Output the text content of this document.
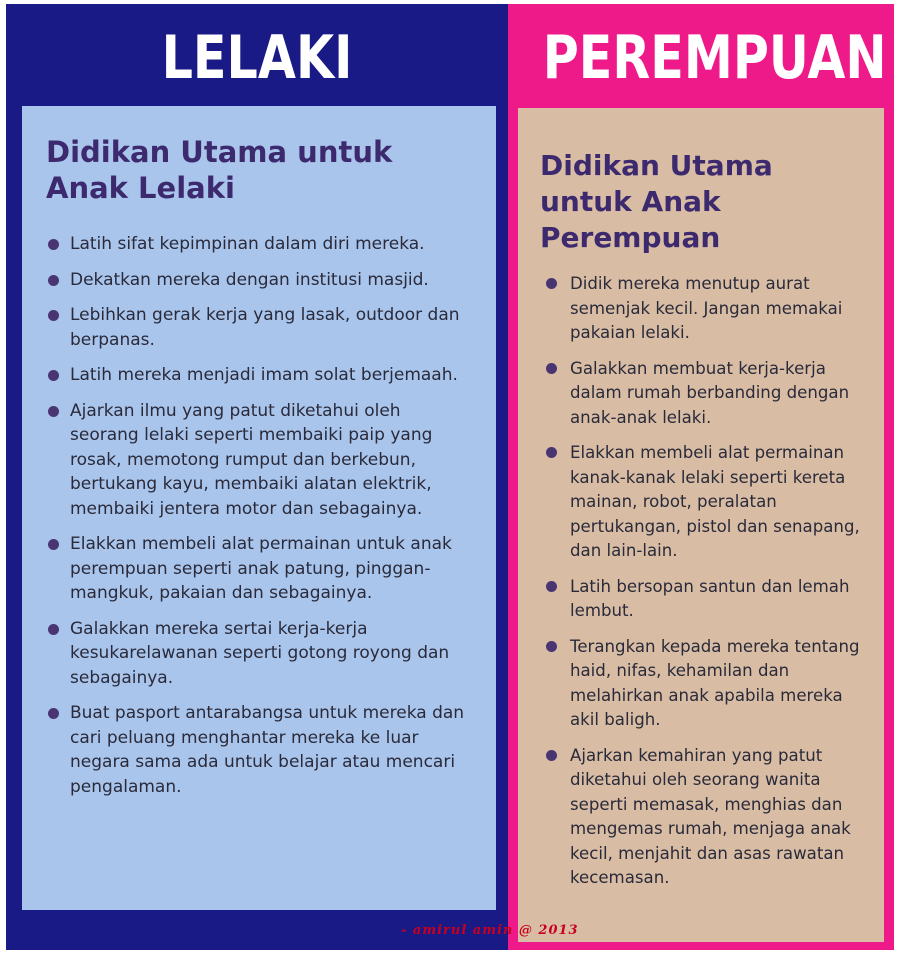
LELAKI
Didikan Utama untuk Anak Lelaki
Latih sifat kepimpinan dalam diri mereka.
Dekatkan mereka dengan institusi masjid.
Lebihkan gerak kerja yang lasak, outdoor dan berpanas.
Latih mereka menjadi imam solat berjemaah.
Ajarkan ilmu yang patut diketahui oleh seorang lelaki seperti membaiki paip yang rosak, memotong rumput dan berkebun, bertukang kayu, membaiki alatan elektrik, membaiki jentera motor dan sebagainya.
Elakkan membeli alat permainan untuk anak perempuan seperti anak patung, pinggan-mangkuk, pakaian dan sebagainya.
Galakkan mereka sertai kerja-kerja kesukarelawanan seperti gotong royong dan sebagainya.
Buat pasport antarabangsa untuk mereka dan cari peluang menghantar mereka ke luar negara sama ada untuk belajar atau mencari pengalaman.
PEREMPUAN
Didikan Utama untuk Anak Perempuan
Didik mereka menutup aurat semenjak kecil. Jangan memakai pakaian lelaki.
Galakkan membuat kerja-kerja dalam rumah berbanding dengan anak-anak lelaki.
Elakkan membeli alat permainan kanak-kanak lelaki seperti kereta mainan, robot, peralatan pertukangan, pistol dan senapang, dan lain-lain.
Latih bersopan santun dan lemah lembut.
Terangkan kepada mereka tentang haid, nifas, kehamilan dan melahirkan anak apabila mereka akil baligh.
Ajarkan kemahiran yang patut diketahui oleh seorang wanita seperti memasak, menghias dan mengemas rumah, menjaga anak kecil, menjahit dan asas rawatan kecemasan.
- amirul amin @ 2013
